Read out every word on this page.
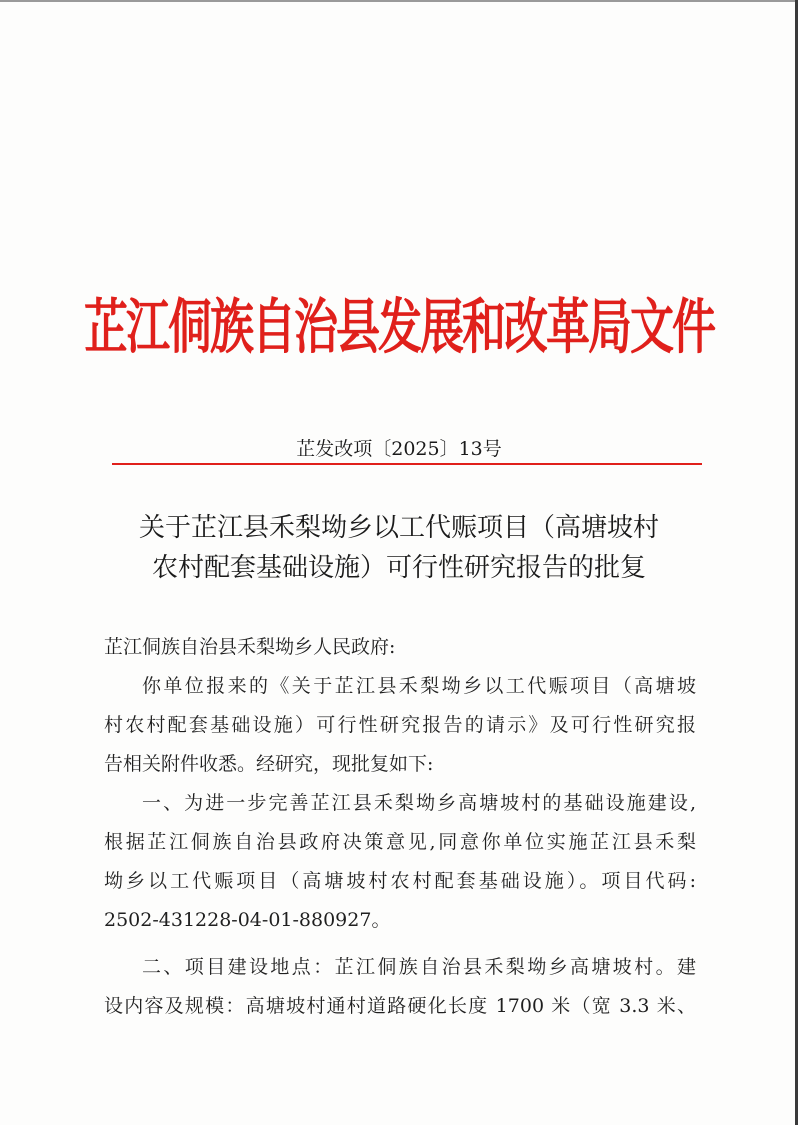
芷江侗族自治县发展和改革局文件
芷发改项〔2025〕13号
关于芷江县禾梨坳乡以工代赈项目（高塘坡村
农村配套基础设施）可行性研究报告的批复
芷江侗族自治县禾梨坳乡人民政府:
你单位报来的《关于芷江县禾梨坳乡以工代赈项目（高塘坡
村农村配套基础设施）可行性研究报告的请示》及可行性研究报
告相关附件收悉。经研究，现批复如下:
一、为进一步完善芷江县禾梨坳乡高塘坡村的基础设施建设,
根据芷江侗族自治县政府决策意见,同意你单位实施芷江县禾梨
坳乡以工代赈项目（高塘坡村农村配套基础设施）。项目代码:
2502-431228-04-01-880927。
二、项目建设地点：芷江侗族自治县禾梨坳乡高塘坡村。建
设内容及规模：高塘坡村通村道路硬化长度 1700 米（宽 3.3 米、
